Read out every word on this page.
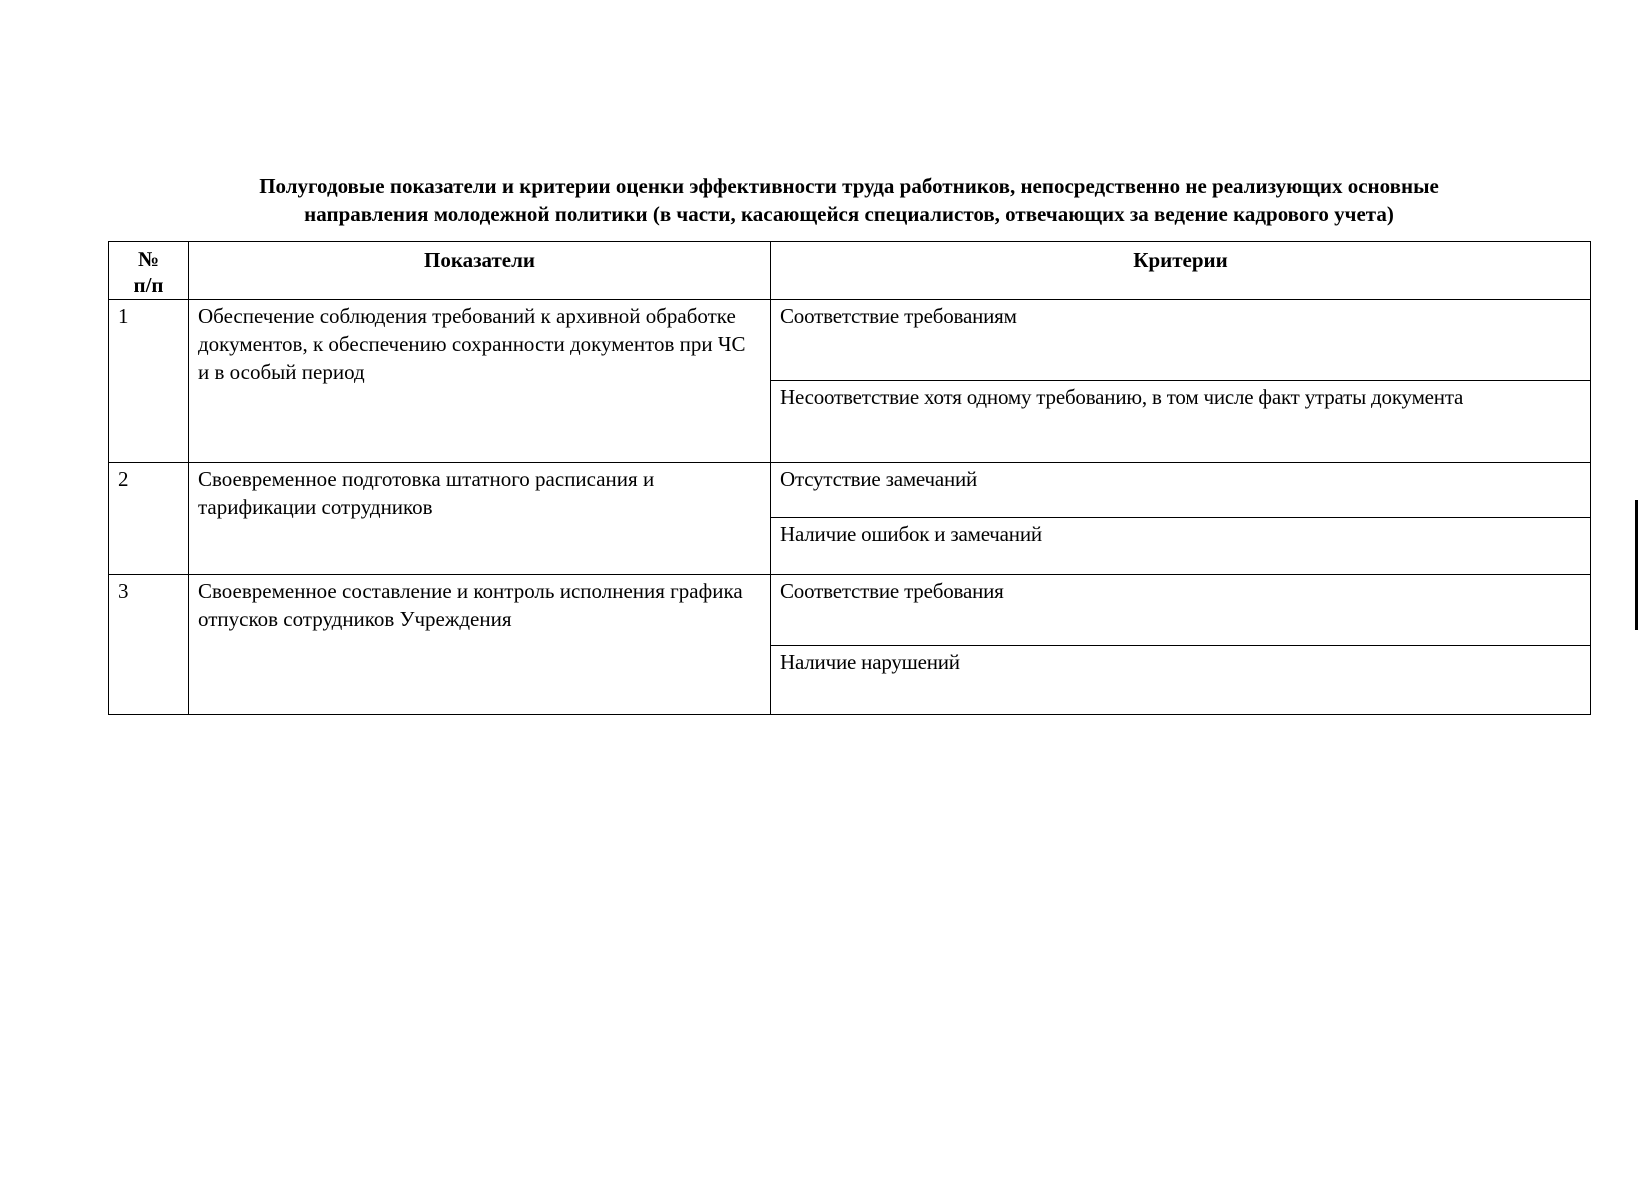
Полугодовые показатели и критерии оценки эффективности труда работников, непосредственно не реализующих основные
направления молодежной политики (в части, касающейся специалистов, отвечающих за ведение кадрового учета)
№
п/п	Показатели	Критерии
1	Обеспечение соблюдения требований к архивной обработке документов, к обеспечению сохранности документов при ЧС и в особый период	Соответствие требованиям
		Несоответствие хотя одному требованию, в том числе факт утраты документа
2	Своевременное подготовка штатного расписания и тарификации сотрудников	Отсутствие замечаний
		Наличие ошибок и замечаний
3	Своевременное составление и контроль исполнения графика отпусков сотрудников Учреждения	Соответствие требования
		Наличие нарушений
